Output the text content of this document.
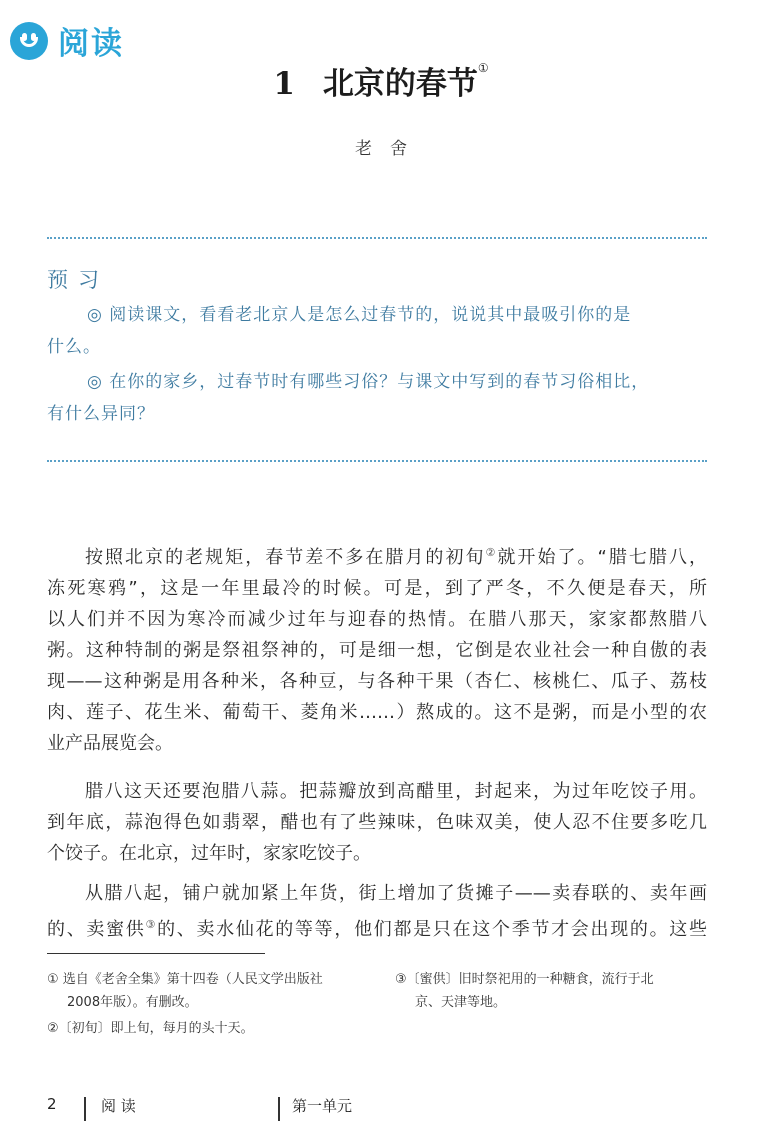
阅读
1 北京的春节①
老舍
预习
◎ 阅读课文，看看老北京人是怎么过春节的，说说其中最吸引你的是
什么。
◎ 在你的家乡，过春节时有哪些习俗？与课文中写到的春节习俗相比，
有什么异同？
按照北京的老规矩，春节差不多在腊月的初旬②就开始了。“腊七腊八，
冻死寒鸦”，这是一年里最冷的时候。可是，到了严冬，不久便是春天，所
以人们并不因为寒冷而减少过年与迎春的热情。在腊八那天，家家都熬腊八
粥。这种特制的粥是祭祖祭神的，可是细一想，它倒是农业社会一种自傲的表
现——这种粥是用各种米，各种豆，与各种干果（杏仁、核桃仁、瓜子、荔枝
肉、莲子、花生米、葡萄干、菱角米……）熬成的。这不是粥，而是小型的农
业产品展览会。
腊八这天还要泡腊八蒜。把蒜瓣放到高醋里，封起来，为过年吃饺子用。
到年底，蒜泡得色如翡翠，醋也有了些辣味，色味双美，使人忍不住要多吃几
个饺子。在北京，过年时，家家吃饺子。
从腊八起，铺户就加紧上年货，街上增加了货摊子——卖春联的、卖年画
的、卖蜜供③的、卖水仙花的等等，他们都是只在这个季节才会出现的。这些
① 选自《老舍全集》第十四卷（人民文学出版社
2008年版）。有删改。
②〔初旬〕即上旬，每月的头十天。
③〔蜜供〕旧时祭祀用的一种糖食，流行于北
京、天津等地。
2	阅 读	第一单元
